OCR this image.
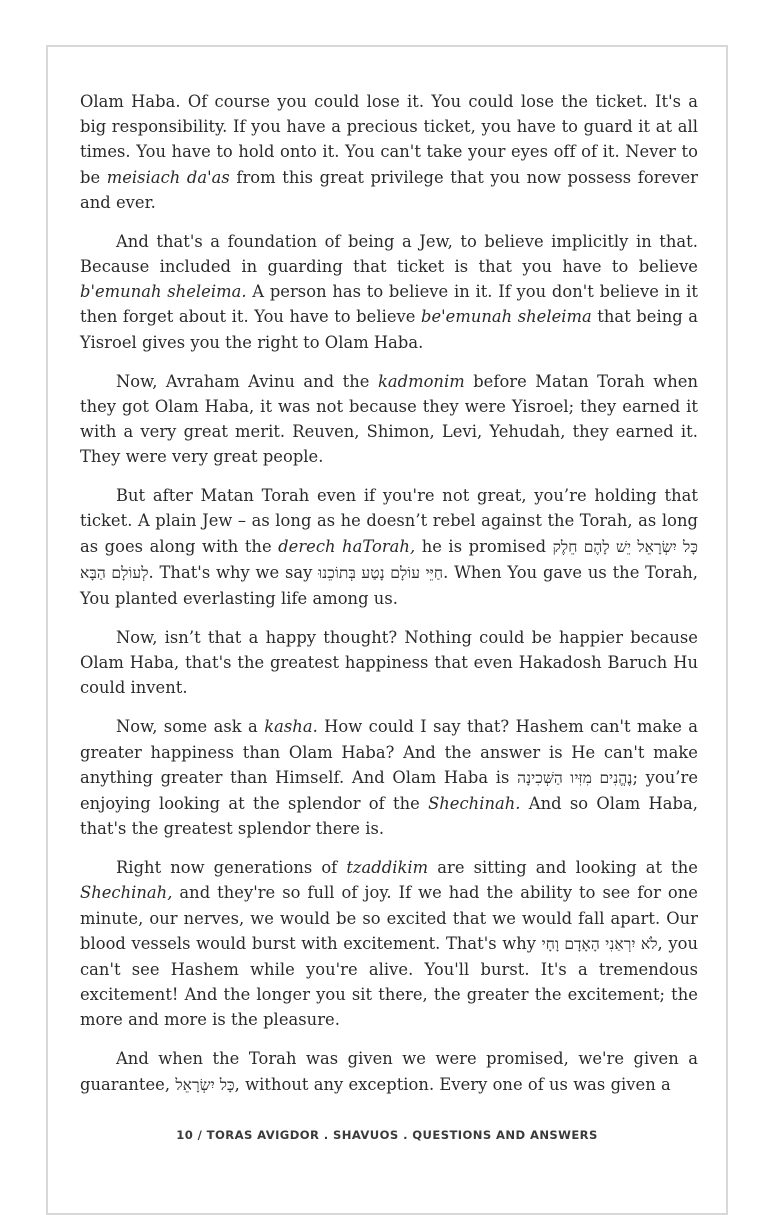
Olam Haba. Of course you could lose it. You could lose the ticket. It's a big responsibility. If you have a precious ticket, you have to guard it at all times. You have to hold onto it. You can't take your eyes off of it. Never to be meisiach da'as from this great privilege that you now possess forever and ever.

And that's a foundation of being a Jew, to believe implicitly in that. Because included in guarding that ticket is that you have to believe b'emunah sheleima. A person has to believe in it. If you don't believe in it then forget about it. You have to believe be'emunah sheleima that being a Yisroel gives you the right to Olam Haba.

Now, Avraham Avinu and the kadmonim before Matan Torah when they got Olam Haba, it was not because they were Yisroel; they earned it with a very great merit. Reuven, Shimon, Levi, Yehudah, they earned it. They were very great people.

But after Matan Torah even if you're not great, you’re holding that ticket. A plain Jew – as long as he doesn’t rebel against the Torah, as long as goes along with the derech haTorah, he is promised כָּל יִשְׂרָאֵל יֵשׁ לָהֶם חֵלֶק לְעוֹלָם הַבָּא. That's why we say חַיֵּי עוֹלָם נָטַע בְּתוֹכֵנוּ. When You gave us the Torah, You planted everlasting life among us.

Now, isn’t that a happy thought? Nothing could be happier because Olam Haba, that's the greatest happiness that even Hakadosh Baruch Hu could invent.

Now, some ask a kasha. How could I say that? Hashem can't make a greater happiness than Olam Haba? And the answer is He can't make anything greater than Himself. And Olam Haba is נֶהֱנִים מִזִּיו הַשְּׁכִינָה; you’re enjoying looking at the splendor of the Shechinah. And so Olam Haba, that's the greatest splendor there is.

Right now generations of tzaddikim are sitting and looking at the Shechinah, and they're so full of joy. If we had the ability to see for one minute, our nerves, we would be so excited that we would fall apart. Our blood vessels would burst with excitement. That's why לֹא יִרְאַנִי הָאָדָם וָחָי, you can't see Hashem while you're alive. You'll burst. It's a tremendous excitement! And the longer you sit there, the greater the excitement; the more and more is the pleasure.

And when the Torah was given we were promised, we're given a guarantee, כָּל יִשְׂרָאֵל, without any exception. Every one of us was given a

10 / TORAS AVIGDOR . SHAVUOS . QUESTIONS AND ANSWERS
